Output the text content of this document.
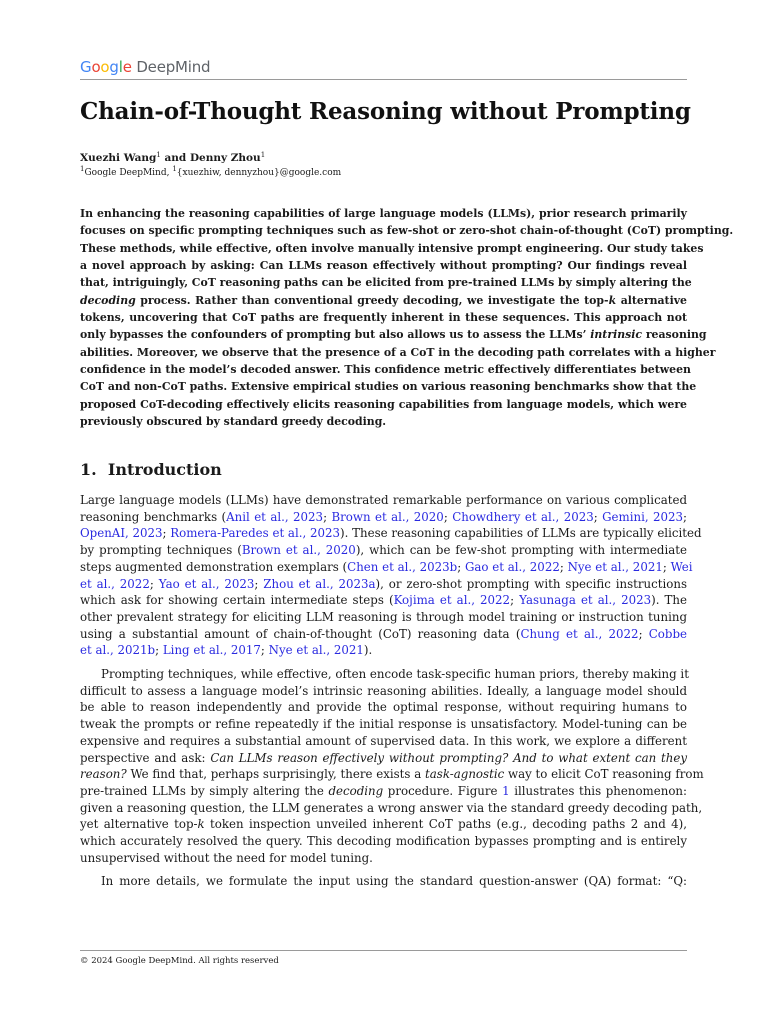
Google DeepMind
Chain-of-Thought Reasoning without Prompting
Xuezhi Wang$^1$ and Denny Zhou$^1$
$^1$Google DeepMind, $^1${xuezhiw, dennyzhou}@google.com
In enhancing the reasoning capabilities of large language models (LLMs), prior research primarily
focuses on specific prompting techniques such as few-shot or zero-shot chain-of-thought (CoT) prompting.
These methods, while effective, often involve manually intensive prompt engineering. Our study takes
a novel approach by asking: Can LLMs reason effectively without prompting? Our findings reveal
that, intriguingly, CoT reasoning paths can be elicited from pre-trained LLMs by simply altering the
decoding process. Rather than conventional greedy decoding, we investigate the top-k alternative
tokens, uncovering that CoT paths are frequently inherent in these sequences. This approach not
only bypasses the confounders of prompting but also allows us to assess the LLMs’ intrinsic reasoning
abilities. Moreover, we observe that the presence of a CoT in the decoding path correlates with a higher
confidence in the model’s decoded answer. This confidence metric effectively differentiates between
CoT and non-CoT paths. Extensive empirical studies on various reasoning benchmarks show that the
proposed CoT-decoding effectively elicits reasoning capabilities from language models, which were
previously obscured by standard greedy decoding.
1. Introduction
Large language models (LLMs) have demonstrated remarkable performance on various complicated
reasoning benchmarks (Anil et al., 2023; Brown et al., 2020; Chowdhery et al., 2023; Gemini, 2023;
OpenAI, 2023; Romera-Paredes et al., 2023). These reasoning capabilities of LLMs are typically elicited
by prompting techniques (Brown et al., 2020), which can be few-shot prompting with intermediate
steps augmented demonstration exemplars (Chen et al., 2023b; Gao et al., 2022; Nye et al., 2021; Wei
et al., 2022; Yao et al., 2023; Zhou et al., 2023a), or zero-shot prompting with specific instructions
which ask for showing certain intermediate steps (Kojima et al., 2022; Yasunaga et al., 2023). The
other prevalent strategy for eliciting LLM reasoning is through model training or instruction tuning
using a substantial amount of chain-of-thought (CoT) reasoning data (Chung et al., 2022; Cobbe
et al., 2021b; Ling et al., 2017; Nye et al., 2021).
Prompting techniques, while effective, often encode task-specific human priors, thereby making it
difficult to assess a language model’s intrinsic reasoning abilities. Ideally, a language model should
be able to reason independently and provide the optimal response, without requiring humans to
tweak the prompts or refine repeatedly if the initial response is unsatisfactory. Model-tuning can be
expensive and requires a substantial amount of supervised data. In this work, we explore a different
perspective and ask: Can LLMs reason effectively without prompting? And to what extent can they
reason? We find that, perhaps surprisingly, there exists a task-agnostic way to elicit CoT reasoning from
pre-trained LLMs by simply altering the decoding procedure. Figure 1 illustrates this phenomenon:
given a reasoning question, the LLM generates a wrong answer via the standard greedy decoding path,
yet alternative top-k token inspection unveiled inherent CoT paths (e.g., decoding paths 2 and 4),
which accurately resolved the query. This decoding modification bypasses prompting and is entirely
unsupervised without the need for model tuning.
In more details, we formulate the input using the standard question-answer (QA) format: “Q:
© 2024 Google DeepMind. All rights reserved
